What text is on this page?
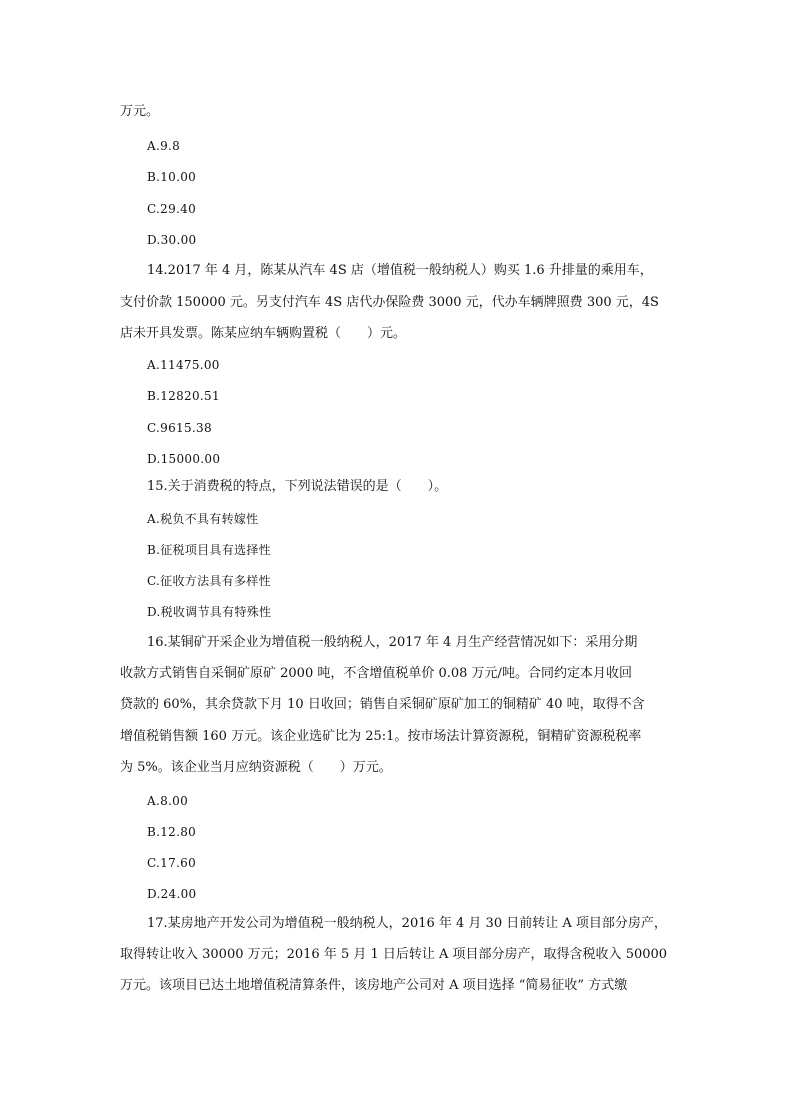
万元。
A.9.8
B.10.00
C.29.40
D.30.00
14.2017 年 4 月，陈某从汽车 4S 店（增值税一般纳税人）购买 1.6 升排量的乘用车，
支付价款 150000 元。另支付汽车 4S 店代办保险费 3000 元，代办车辆牌照费 300 元，4S
店未开具发票。陈某应纳车辆购置税（　　）元。
A.11475.00
B.12820.51
C.9615.38
D.15000.00
15.关于消费税的特点，下列说法错误的是（　　）。
A.税负不具有转嫁性
B.征税项目具有选择性
C.征收方法具有多样性
D.税收调节具有特殊性
16.某铜矿开采企业为增值税一般纳税人，2017 年 4 月生产经营情况如下：采用分期
收款方式销售自采铜矿原矿 2000 吨，不含增值税单价 0.08 万元/吨。合同约定本月收回
贷款的 60%，其余贷款下月 10 日收回；销售自采铜矿原矿加工的铜精矿 40 吨，取得不含
增值税销售额 160 万元。该企业选矿比为 25:1。按市场法计算资源税，铜精矿资源税税率
为 5%。该企业当月应纳资源税（　　）万元。
A.8.00
B.12.80
C.17.60
D.24.00
17.某房地产开发公司为增值税一般纳税人，2016 年 4 月 30 日前转让 A 项目部分房产，
取得转让收入 30000 万元；2016 年 5 月 1 日后转让 A 项目部分房产，取得含税收入 50000
万元。该项目已达土地增值税清算条件，该房地产公司对 A 项目选择 “简易征收” 方式缴
